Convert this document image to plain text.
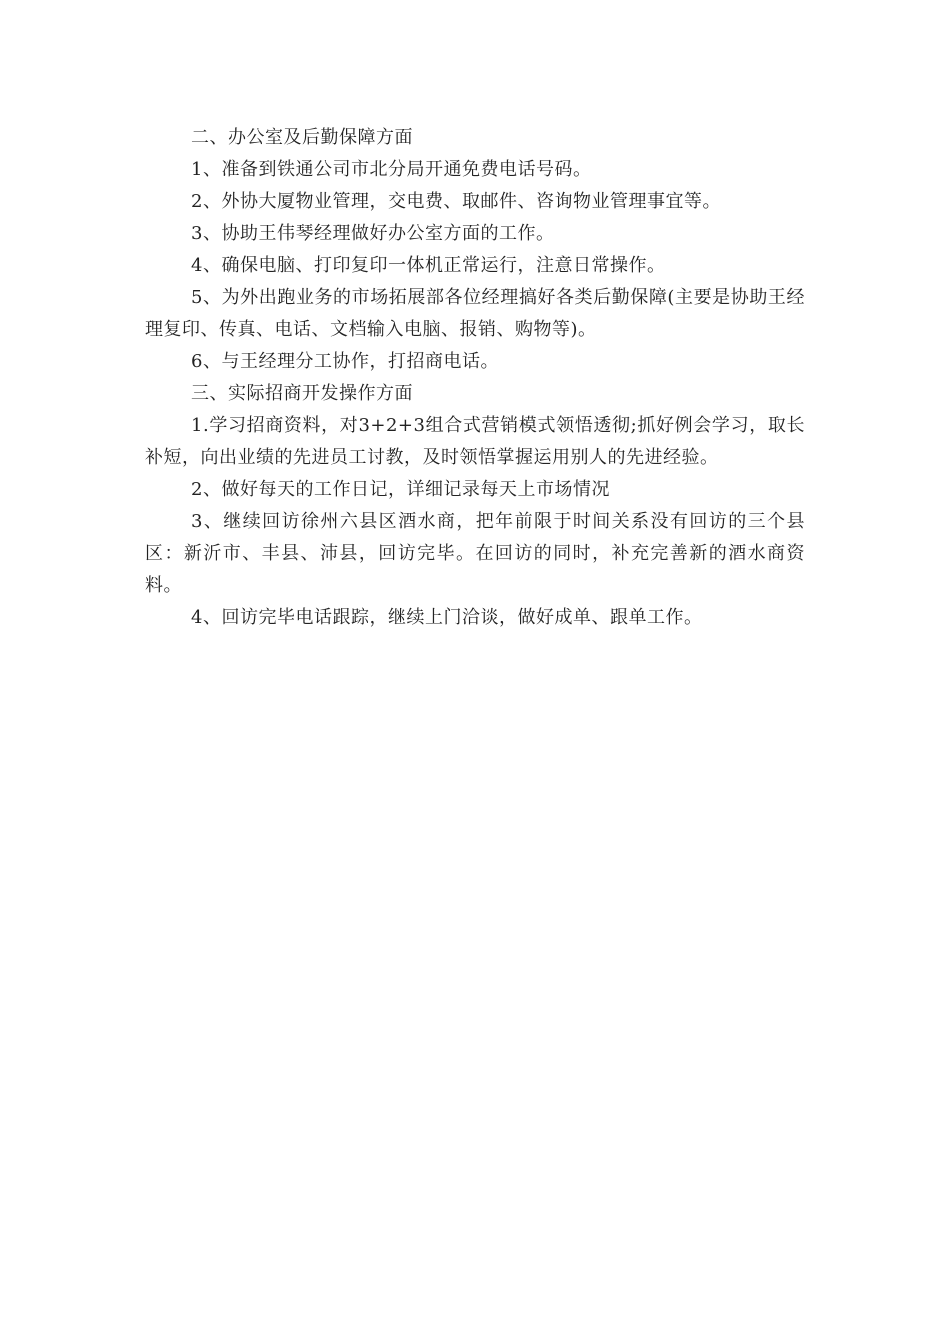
二、办公室及后勤保障方面

1、准备到铁通公司市北分局开通免费电话号码。

2、外协大厦物业管理，交电费、取邮件、咨询物业管理事宜等。

3、协助王伟琴经理做好办公室方面的工作。

4、确保电脑、打印复印一体机正常运行，注意日常操作。

5、为外出跑业务的市场拓展部各位经理搞好各类后勤保障(主要是协助王经理复印、传真、电话、文档输入电脑、报销、购物等)。

6、与王经理分工协作，打招商电话。

三、实际招商开发操作方面

1.学习招商资料，对3+2+3组合式营销模式领悟透彻;抓好例会学习，取长补短，向出业绩的先进员工讨教，及时领悟掌握运用别人的先进经验。

2、做好每天的工作日记，详细记录每天上市场情况

3、继续回访徐州六县区酒水商，把年前限于时间关系没有回访的三个县区：新沂市、丰县、沛县，回访完毕。在回访的同时，补充完善新的酒水商资料。

4、回访完毕电话跟踪，继续上门洽谈，做好成单、跟单工作。
